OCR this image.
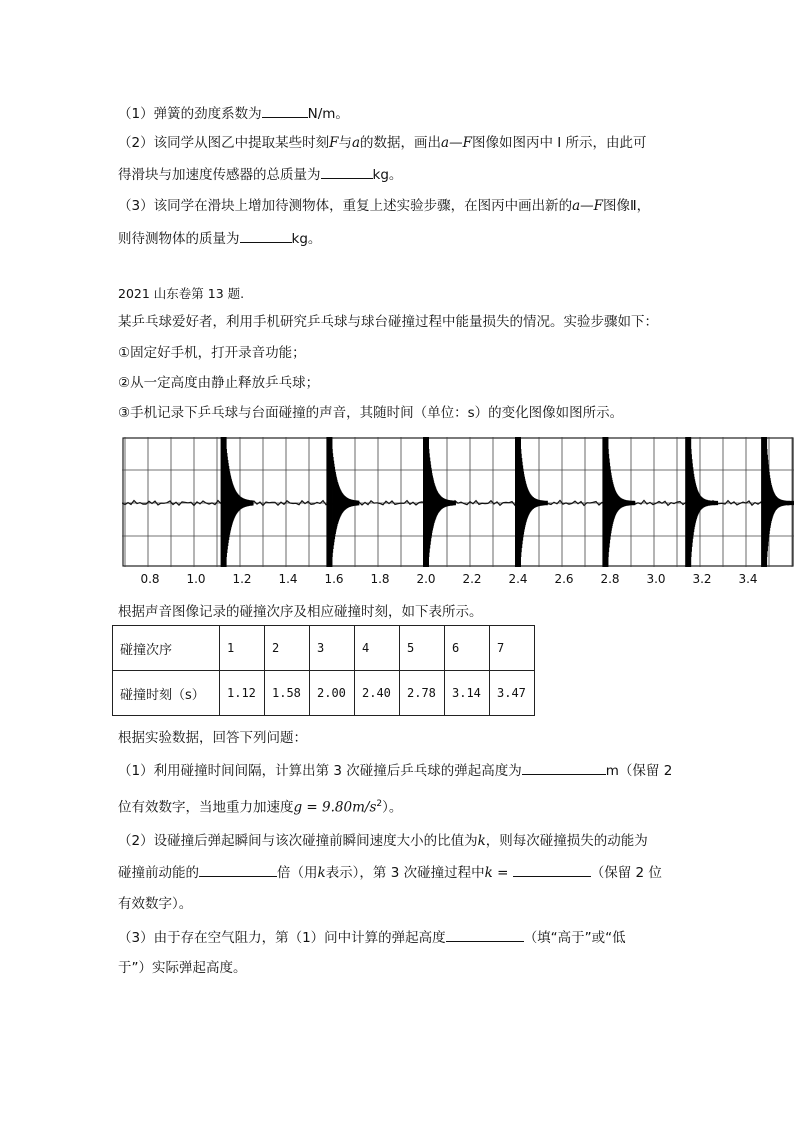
（1）弹簧的劲度系数为	N/m。
（2）该同学从图乙中提取某些时刻F与a的数据，画出a—F图像如图丙中 I 所示，由此可
得滑块与加速度传感器的总质量为	kg。
（3）该同学在滑块上增加待测物体，重复上述实验步骤，在图丙中画出新的a—F图像Ⅱ，
则待测物体的质量为	kg。
2021 山东卷第 13 题.
某乒乓球爱好者，利用手机研究乒乓球与球台碰撞过程中能量损失的情况。实验步骤如下：
①固定好手机，打开录音功能；
②从一定高度由静止释放乒乓球；
③手机记录下乒乓球与台面碰撞的声音，其随时间（单位：s）的变化图像如图所示。
0.8 1.0 1.2 1.4 1.6 1.8 2.0 2.2 2.4 2.6 2.8 3.0 3.2 3.4
根据声音图像记录的碰撞次序及相应碰撞时刻，如下表所示。
碰撞次序	1	2	3	4	5	6	7
碰撞时刻（s）	1.12	1.58	2.00	2.40	2.78	3.14	3.47
根据实验数据，回答下列问题：
（1）利用碰撞时间间隔，计算出第 3 次碰撞后乒乓球的弹起高度为	m（保留 2
位有效数字，当地重力加速度$g = 9.80m/s^2$）。
（2）设碰撞后弹起瞬间与该次碰撞前瞬间速度大小的比值为k，则每次碰撞损失的动能为
碰撞前动能的	倍（用k表示），第 3 次碰撞过程中k =	（保留 2 位
有效数字）。
（3）由于存在空气阻力，第（1）问中计算的弹起高度	（填“高于”或“低
于”）实际弹起高度。
